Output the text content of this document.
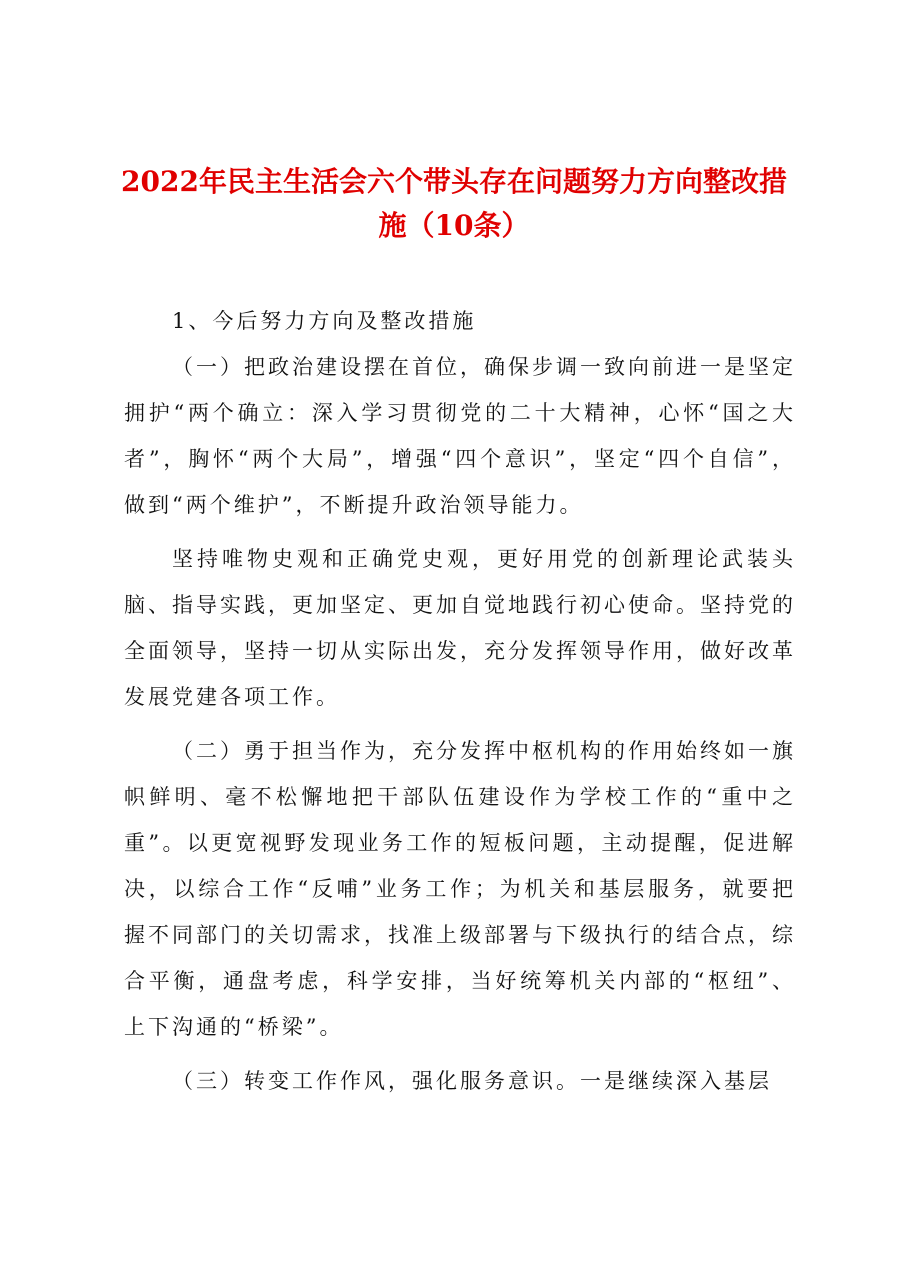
2022年民主生活会六个带头存在问题努力方向整改措施（10条）

1、今后努力方向及整改措施

（一）把政治建设摆在首位，确保步调一致向前进一是坚定拥护“两个确立：深入学习贯彻党的二十大精神，心怀“国之大者”，胸怀“两个大局”，增强“四个意识”，坚定“四个自信”，做到“两个维护”，不断提升政治领导能力。

坚持唯物史观和正确党史观，更好用党的创新理论武装头脑、指导实践，更加坚定、更加自觉地践行初心使命。坚持党的全面领导，坚持一切从实际出发，充分发挥领导作用，做好改革发展党建各项工作。

（二）勇于担当作为，充分发挥中枢机构的作用始终如一旗帜鲜明、毫不松懈地把干部队伍建设作为学校工作的“重中之重”。以更宽视野发现业务工作的短板问题，主动提醒，促进解决，以综合工作“反哺”业务工作；为机关和基层服务，就要把握不同部门的关切需求，找准上级部署与下级执行的结合点，综合平衡，通盘考虑，科学安排，当好统筹机关内部的“枢纽”、上下沟通的“桥梁”。

（三）转变工作作风，强化服务意识。一是继续深入基层
